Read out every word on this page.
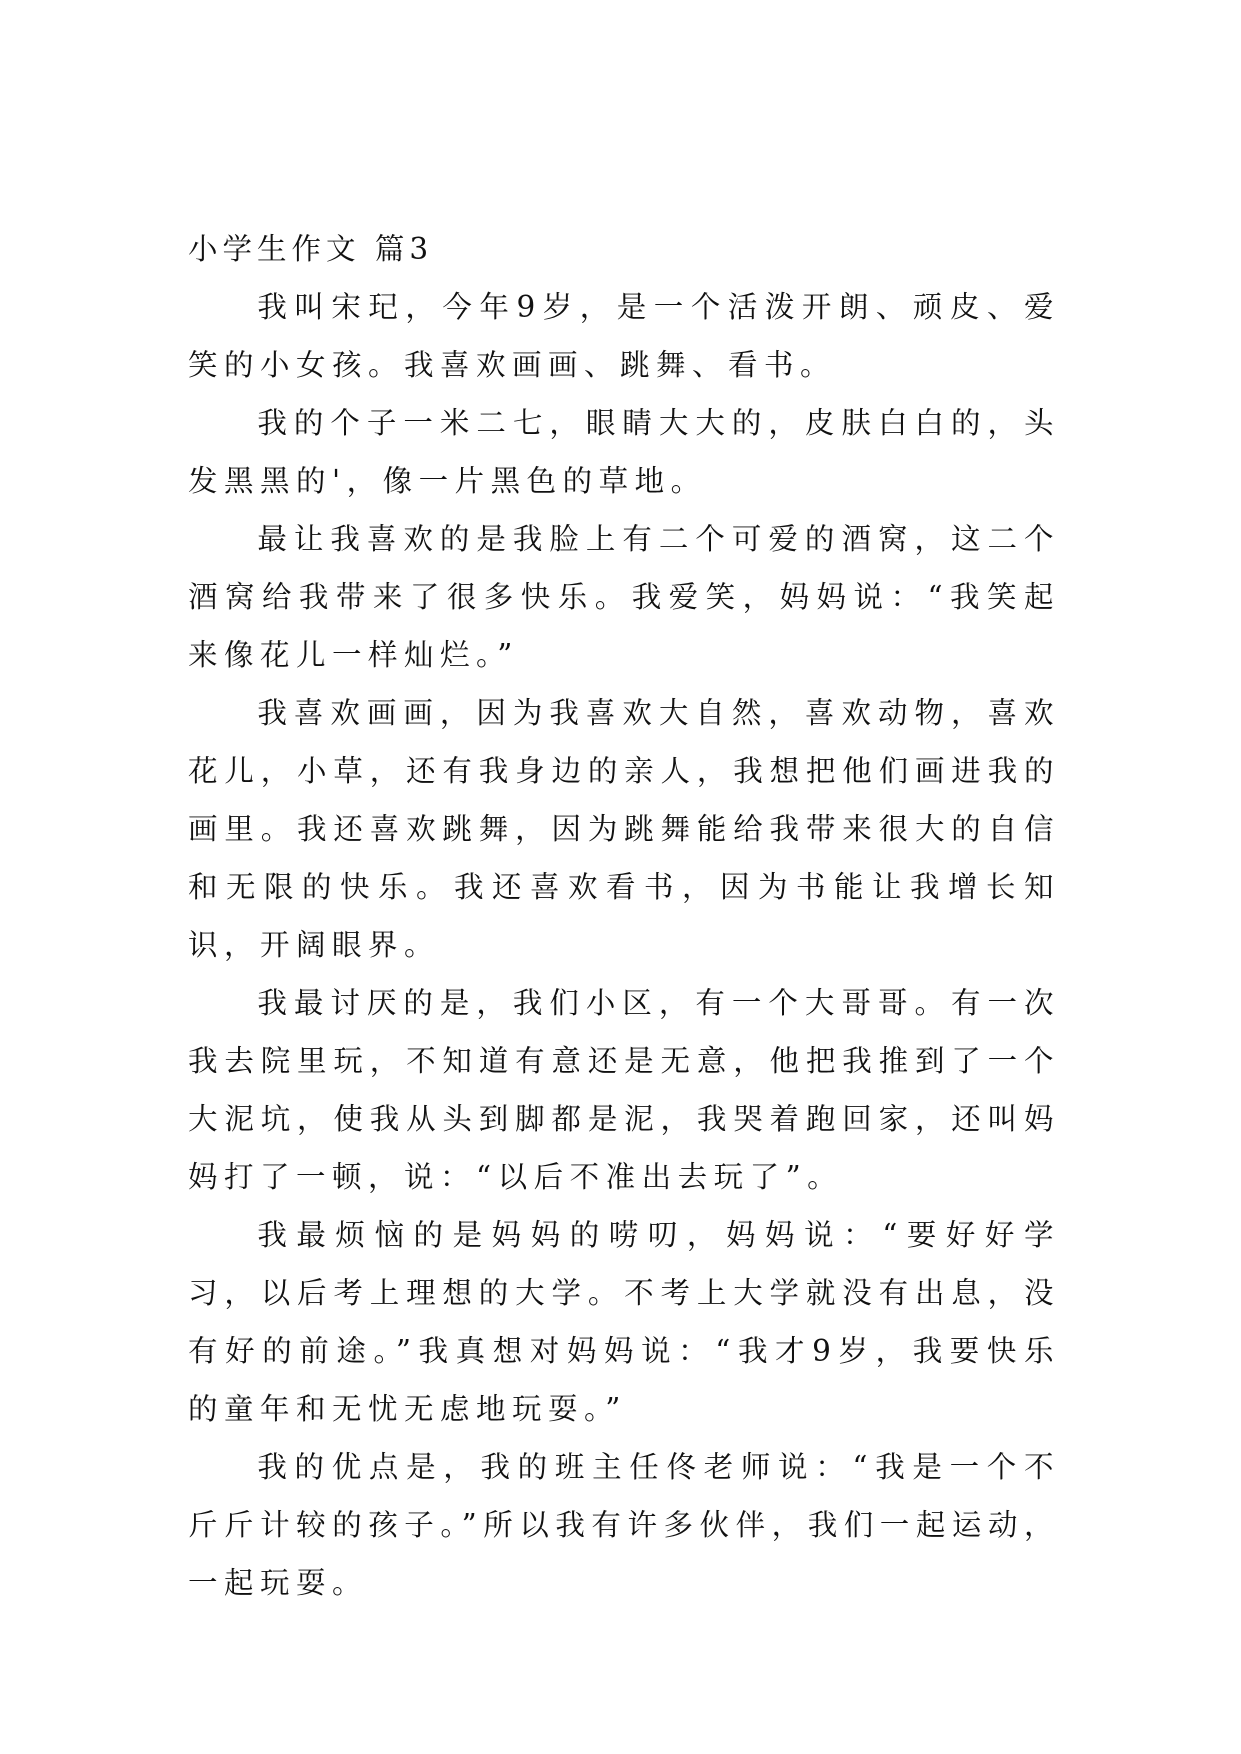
小学生作文 篇3

我叫宋玘，今年9岁，是一个活泼开朗、顽皮、爱笑的小女孩。我喜欢画画、跳舞、看书。

我的个子一米二七，眼睛大大的，皮肤白白的，头发黑黑的'，像一片黑色的草地。

最让我喜欢的是我脸上有二个可爱的酒窝，这二个酒窝给我带来了很多快乐。我爱笑，妈妈说：“我笑起来像花儿一样灿烂。”

我喜欢画画，因为我喜欢大自然，喜欢动物，喜欢花儿，小草，还有我身边的亲人，我想把他们画进我的画里。我还喜欢跳舞，因为跳舞能给我带来很大的自信和无限的快乐。我还喜欢看书，因为书能让我增长知识，开阔眼界。

我最讨厌的是，我们小区，有一个大哥哥。有一次我去院里玩，不知道有意还是无意，他把我推到了一个大泥坑，使我从头到脚都是泥，我哭着跑回家，还叫妈妈打了一顿，说：“以后不准出去玩了”。

我最烦恼的是妈妈的唠叨，妈妈说：“要好好学习，以后考上理想的大学。不考上大学就没有出息，没有好的前途。”我真想对妈妈说：“我才9岁，我要快乐的童年和无忧无虑地玩耍。”

我的优点是，我的班主任佟老师说：“我是一个不斤斤计较的孩子。”所以我有许多伙伴，我们一起运动，一起玩耍。
